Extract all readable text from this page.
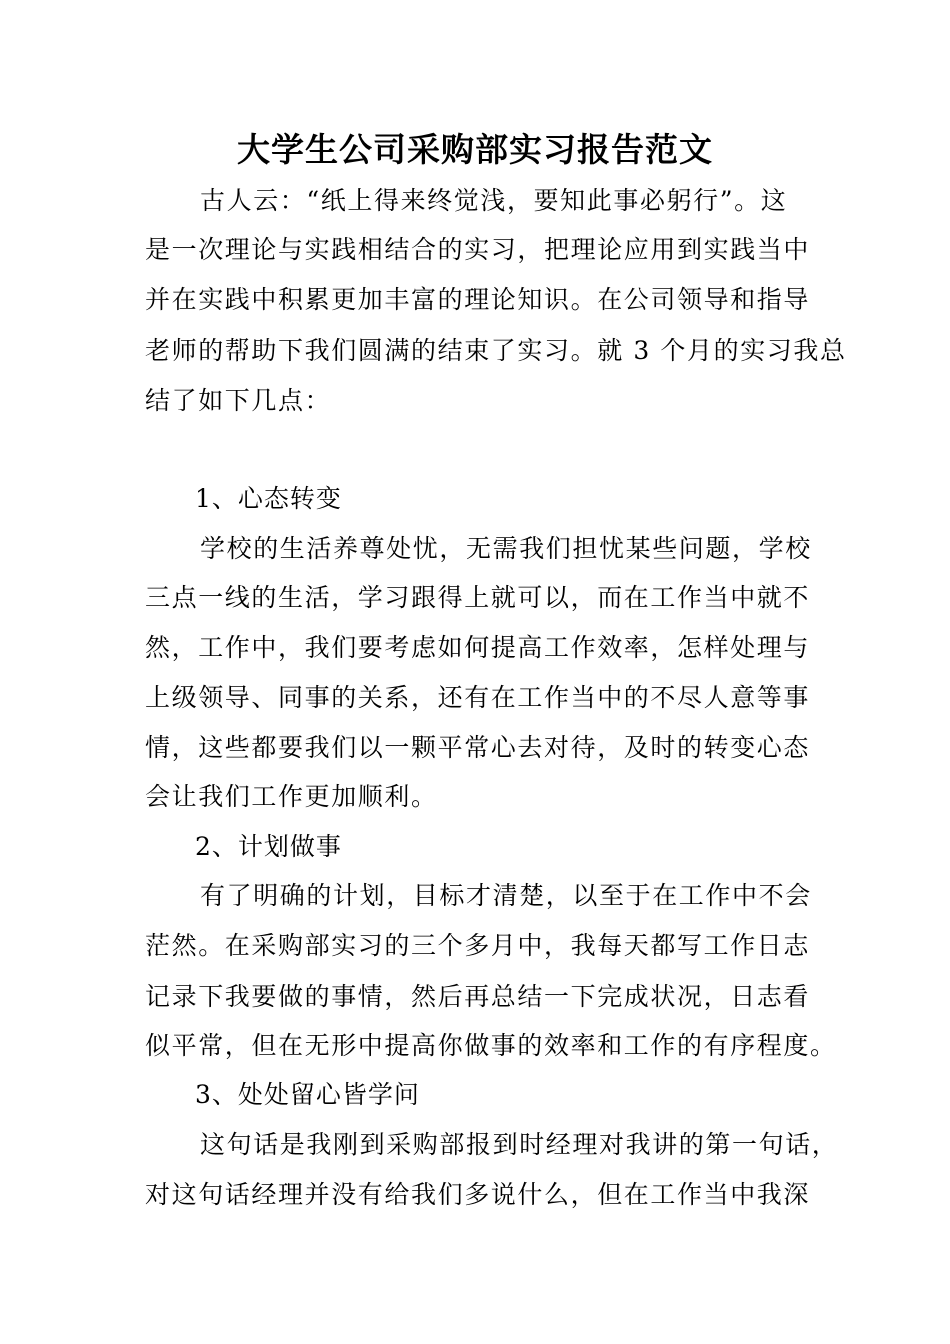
大学生公司采购部实习报告范文
古人云：“纸上得来终觉浅，要知此事必躬行”。这
是一次理论与实践相结合的实习，把理论应用到实践当中
并在实践中积累更加丰富的理论知识。在公司领导和指导
老师的帮助下我们圆满的结束了实习。就 3 个月的实习我总
结了如下几点：
1、心态转变
学校的生活养尊处忧，无需我们担忧某些问题，学校
三点一线的生活，学习跟得上就可以，而在工作当中就不
然，工作中，我们要考虑如何提高工作效率，怎样处理与
上级领导、同事的关系，还有在工作当中的不尽人意等事
情，这些都要我们以一颗平常心去对待，及时的转变心态
会让我们工作更加顺利。
2、计划做事
有了明确的计划，目标才清楚，以至于在工作中不会
茫然。在采购部实习的三个多月中，我每天都写工作日志
记录下我要做的事情，然后再总结一下完成状况，日志看
似平常，但在无形中提高你做事的效率和工作的有序程度。
3、处处留心皆学问
这句话是我刚到采购部报到时经理对我讲的第一句话，
对这句话经理并没有给我们多说什么，但在工作当中我深
